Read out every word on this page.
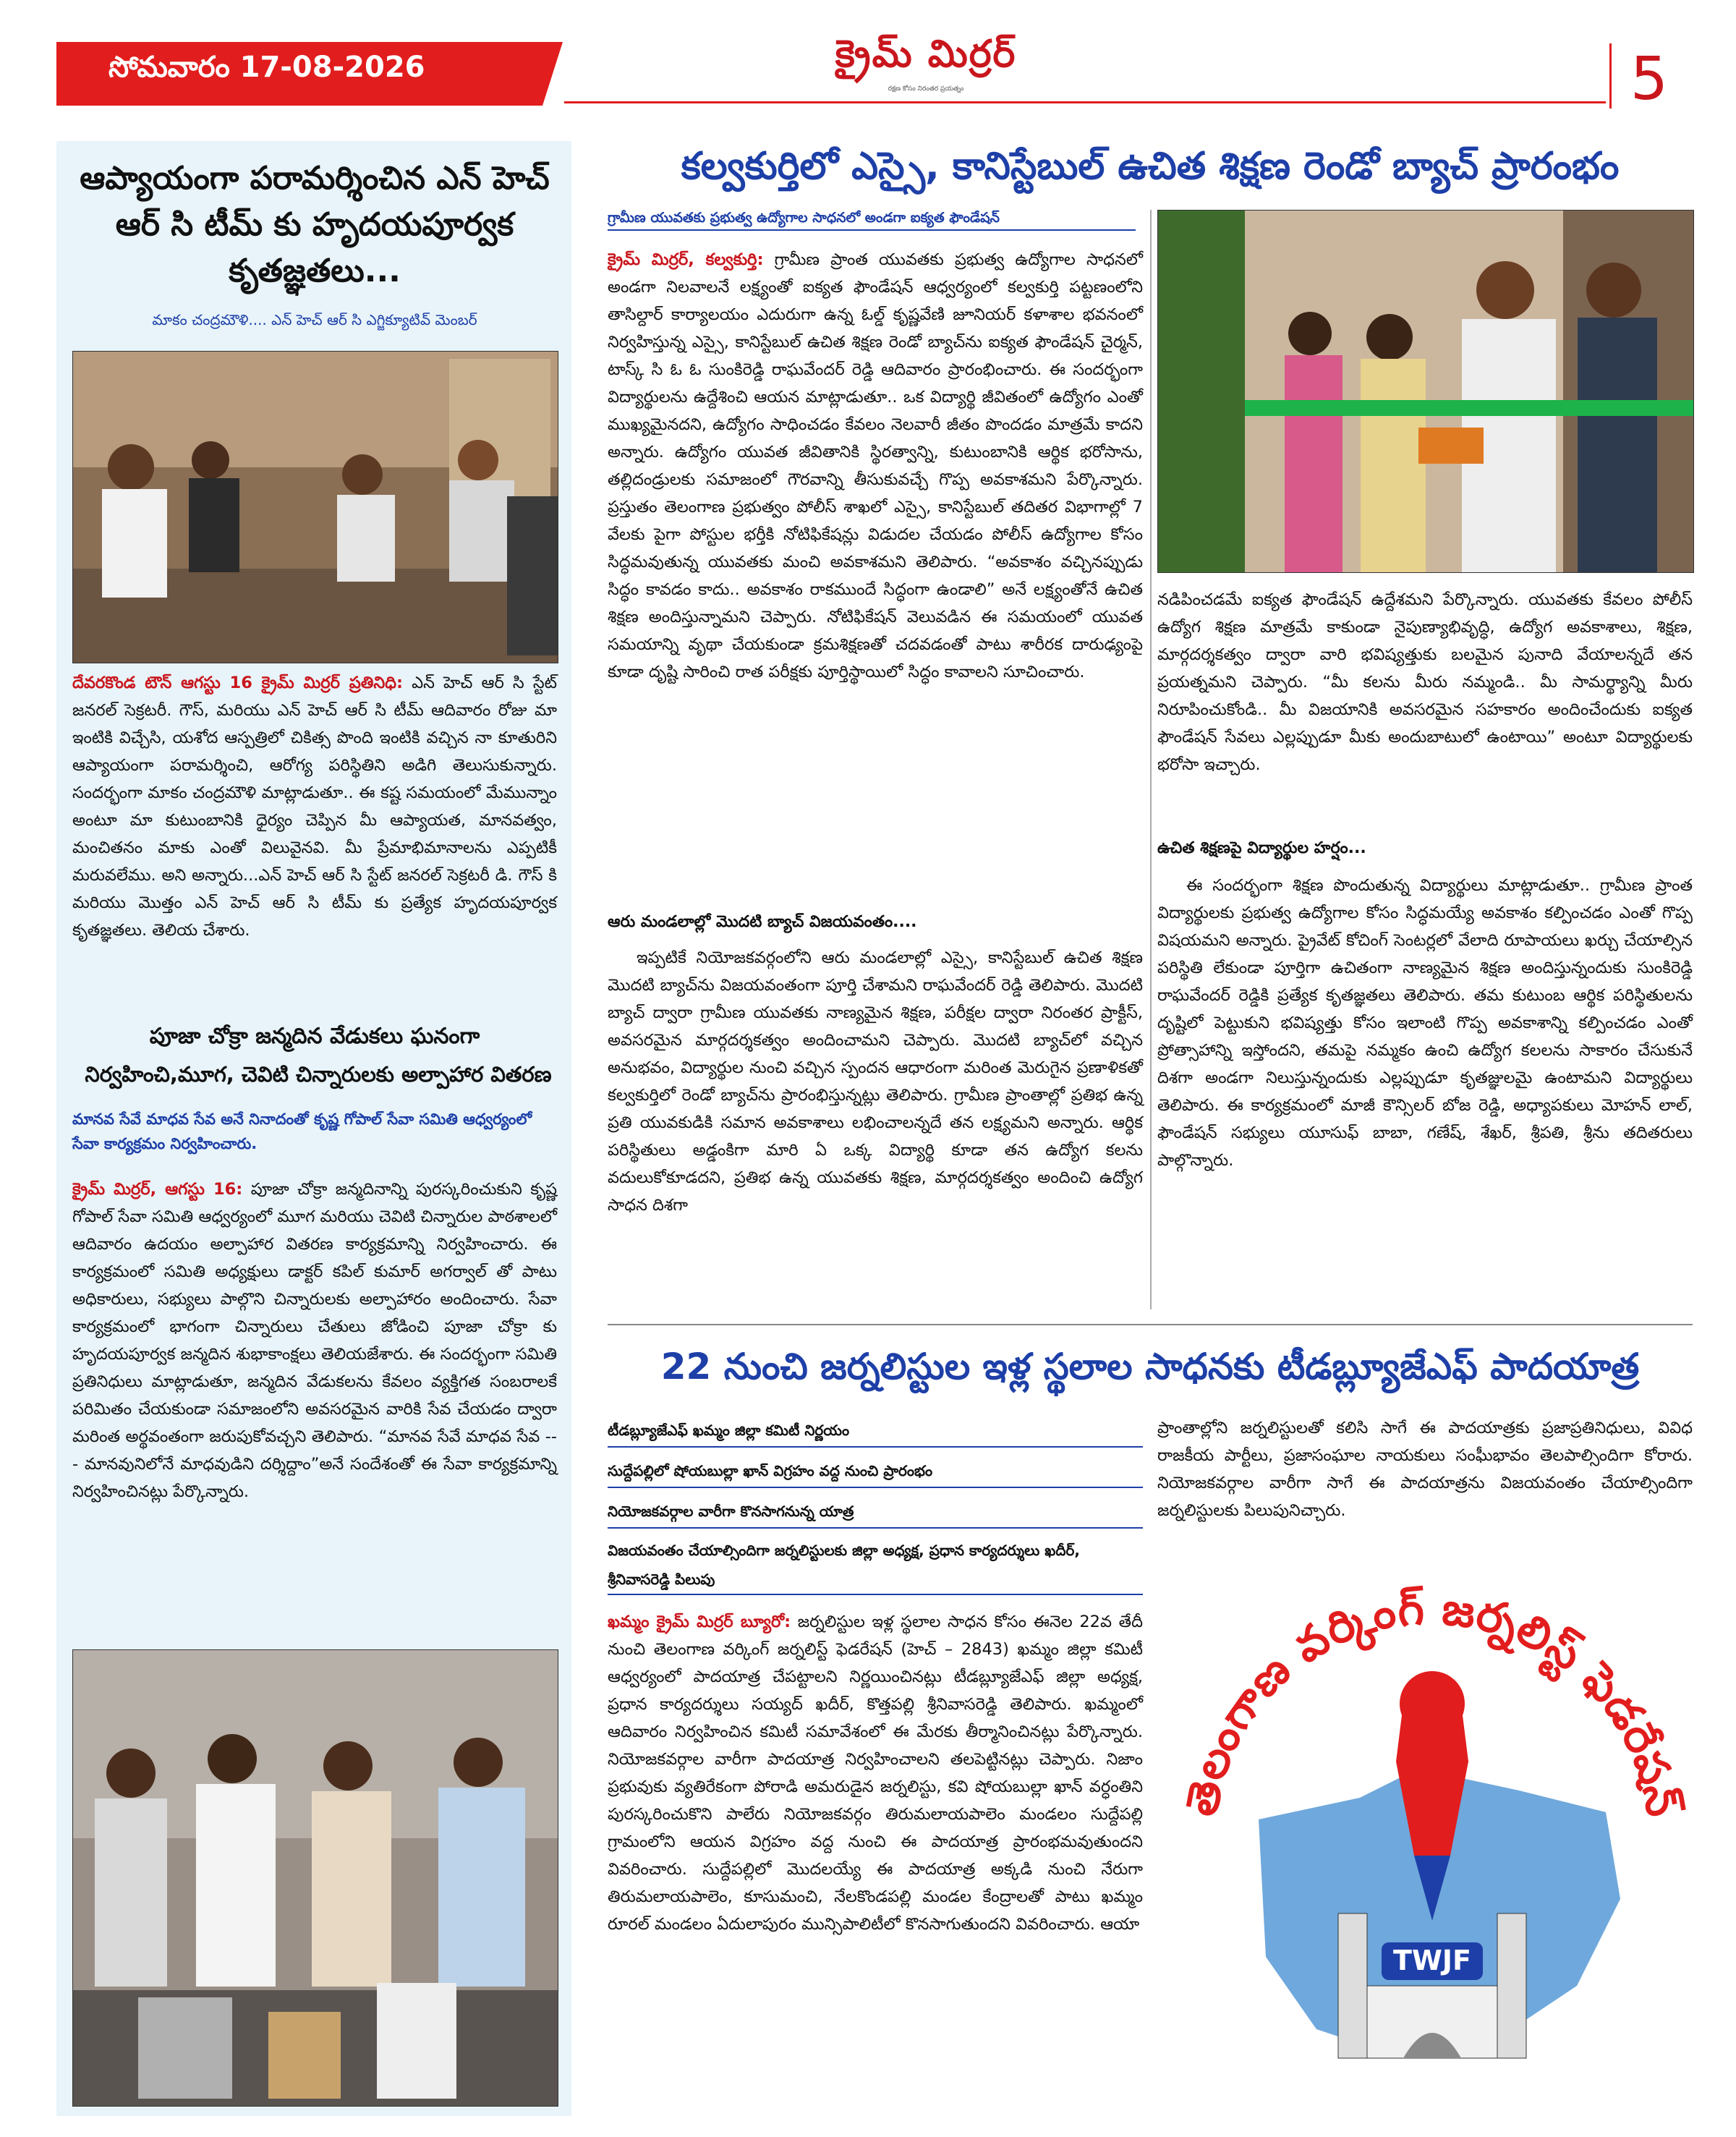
సోమవారం 17-08-2026	క్రైమ్ మిర్రర్
రక్షణ కోసం నిరంతర ప్రయత్నం	5
ఆప్యాయంగా పరామర్శించిన ఎన్ హెచ్ ఆర్ సి టీమ్ కు హృదయపూర్వక కృతజ్ఞతలు...
మాకం చంద్రమౌళి.... ఎన్ హెచ్ ఆర్ సి ఎగ్జిక్యూటివ్ మెంబర్
దేవరకొండ టౌన్ ఆగస్టు 16 క్రైమ్ మిర్రర్ ప్రతినిధి: ఎన్ హెచ్ ఆర్ సి స్టేట్ జనరల్ సెక్రటరీ. గౌస్, మరియు ఎన్ హెచ్ ఆర్ సి టీమ్ ఆదివారం రోజు మా ఇంటికి విచ్చేసి, యశోద ఆస్పత్రిలో చికిత్స పొంది ఇంటికి వచ్చిన నా కూతురిని ఆప్యాయంగా పరామర్శించి, ఆరోగ్య పరిస్థితిని అడిగి తెలుసుకున్నారు. సందర్భంగా మాకం చంద్రమౌళి మాట్లాడుతూ.. ఈ కష్ట సమయంలో మేమున్నాం అంటూ మా కుటుంబానికి ధైర్యం చెప్పిన మీ ఆప్యాయత, మానవత్వం, మంచితనం మాకు ఎంతో విలువైనవి. మీ ప్రేమాభిమానాలను ఎప్పటికీ మరువలేము. అని అన్నారు...ఎన్ హెచ్ ఆర్ సి స్టేట్ జనరల్ సెక్రటరీ డి. గౌస్ కి మరియు మొత్తం ఎన్ హెచ్ ఆర్ సి టీమ్ కు ప్రత్యేక హృదయపూర్వక కృతజ్ఞతలు. తెలియ చేశారు.
పూజా చోక్రా జన్మదిన వేడుకలు ఘనంగా
నిర్వహించి,మూగ, చెవిటి చిన్నారులకు అల్పాహార వితరణ
మానవ సేవే మాధవ సేవ అనే నినాదంతో కృష్ణ గోపాల్ సేవా సమితి ఆధ్వర్యంలో సేవా కార్యక్రమం నిర్వహించారు.
క్రైమ్ మిర్రర్, ఆగస్టు 16: పూజా చోక్రా జన్మదినాన్ని పురస్కరించుకుని కృష్ణ గోపాల్ సేవా సమితి ఆధ్వర్యంలో మూగ మరియు చెవిటి చిన్నారుల పాఠశాలలో ఆదివారం ఉదయం అల్పాహార వితరణ కార్యక్రమాన్ని నిర్వహించారు. ఈ కార్యక్రమంలో సమితి అధ్యక్షులు డాక్టర్ కపిల్ కుమార్ అగర్వాల్ తో పాటు అధికారులు, సభ్యులు పాల్గొని చిన్నారులకు అల్పాహారం అందించారు. సేవా కార్యక్రమంలో భాగంగా చిన్నారులు చేతులు జోడించి పూజా చోక్రా కు హృదయపూర్వక జన్మదిన శుభాకాంక్షలు తెలియజేశారు. ఈ సందర్భంగా సమితి ప్రతినిధులు మాట్లాడుతూ, జన్మదిన వేడుకలను కేవలం వ్యక్తిగత సంబరాలకే పరిమితం చేయకుండా సమాజంలోని అవసరమైన వారికి సేవ చేయడం ద్వారా మరింత అర్థవంతంగా జరుపుకోవచ్చని తెలిపారు. “మానవ సేవే మాధవ సేవ --- మానవునిలోనే మాధవుడిని దర్శిద్దాం”అనే సందేశంతో ఈ సేవా కార్యక్రమాన్ని నిర్వహించినట్లు పేర్కొన్నారు.
కల్వకుర్తిలో ఎస్సై, కానిస్టేబుల్ ఉచిత శిక్షణ రెండో బ్యాచ్ ప్రారంభం
గ్రామీణ యువతకు ప్రభుత్వ ఉద్యోగాల సాధనలో అండగా ఐక్యత ఫౌండేషన్
క్రైమ్ మిర్రర్, కల్వకుర్తి: గ్రామీణ ప్రాంత యువతకు ప్రభుత్వ ఉద్యోగాల సాధనలో అండగా నిలవాలనే లక్ష్యంతో ఐక్యత ఫౌండేషన్ ఆధ్వర్యంలో కల్వకుర్తి పట్టణంలోని తాసిల్దార్ కార్యాలయం ఎదురుగా ఉన్న ఓల్డ్ కృష్ణవేణి జూనియర్ కళాశాల భవనంలో నిర్వహిస్తున్న ఎస్సై, కానిస్టేబుల్ ఉచిత శిక్షణ రెండో బ్యాచ్‌ను ఐక్యత ఫౌండేషన్ చైర్మన్, టాస్క్ సి ఓ ఓ సుంకిరెడ్డి రాఘవేందర్ రెడ్డి ఆదివారం ప్రారంభించారు. ఈ సందర్భంగా విద్యార్థులను ఉద్దేశించి ఆయన మాట్లాడుతూ.. ఒక విద్యార్థి జీవితంలో ఉద్యోగం ఎంతో ముఖ్యమైనదని, ఉద్యోగం సాధించడం కేవలం నెలవారీ జీతం పొందడం మాత్రమే కాదని అన్నారు. ఉద్యోగం యువత జీవితానికి స్థిరత్వాన్ని, కుటుంబానికి ఆర్థిక భరోసాను, తల్లిదండ్రులకు సమాజంలో గౌరవాన్ని తీసుకువచ్చే గొప్ప అవకాశమని పేర్కొన్నారు. ప్రస్తుతం తెలంగాణ ప్రభుత్వం పోలీస్ శాఖలో ఎస్సై, కానిస్టేబుల్ తదితర విభాగాల్లో 7 వేలకు పైగా పోస్టుల భర్తీకి నోటిఫికేషన్లు విడుదల చేయడం పోలీస్ ఉద్యోగాల కోసం సిద్ధమవుతున్న యువతకు మంచి అవకాశమని తెలిపారు. “అవకాశం వచ్చినప్పుడు సిద్ధం కావడం కాదు.. అవకాశం రాకముందే సిద్ధంగా ఉండాలి” అనే లక్ష్యంతోనే ఉచిత శిక్షణ అందిస్తున్నామని చెప్పారు. నోటిఫికేషన్ వెలువడిన ఈ సమయంలో యువత సమయాన్ని వృథా చేయకుండా క్రమశిక్షణతో చదవడంతో పాటు శారీరక దారుఢ్యంపై కూడా దృష్టి సారించి రాత పరీక్షకు పూర్తిస్థాయిలో సిద్ధం కావాలని సూచించారు.
ఆరు మండలాల్లో మొదటి బ్యాచ్ విజయవంతం....
ఇప్పటికే నియోజకవర్గంలోని ఆరు మండలాల్లో ఎస్సై, కానిస్టేబుల్ ఉచిత శిక్షణ మొదటి బ్యాచ్‌ను విజయవంతంగా పూర్తి చేశామని రాఘవేందర్ రెడ్డి తెలిపారు. మొదటి బ్యాచ్ ద్వారా గ్రామీణ యువతకు నాణ్యమైన శిక్షణ, పరీక్షల ద్వారా నిరంతర ప్రాక్టీస్, అవసరమైన మార్గదర్శకత్వం అందించామని చెప్పారు. మొదటి బ్యాచ్‌లో వచ్చిన అనుభవం, విద్యార్థుల నుంచి వచ్చిన స్పందన ఆధారంగా మరింత మెరుగైన ప్రణాళికతో కల్వకుర్తిలో రెండో బ్యాచ్‌ను ప్రారంభిస్తున్నట్లు తెలిపారు. గ్రామీణ ప్రాంతాల్లో ప్రతిభ ఉన్న ప్రతి యువకుడికి సమాన అవకాశాలు లభించాలన్నదే తన లక్ష్యమని అన్నారు. ఆర్థిక పరిస్థితులు అడ్డంకిగా మారి ఏ ఒక్క విద్యార్థి కూడా తన ఉద్యోగ కలను వదులుకోకూడదని, ప్రతిభ ఉన్న యువతకు శిక్షణ, మార్గదర్శకత్వం అందించి ఉద్యోగ సాధన దిశగా
నడిపించడమే ఐక్యత ఫౌండేషన్ ఉద్దేశమని పేర్కొన్నారు. యువతకు కేవలం పోలీస్ ఉద్యోగ శిక్షణ మాత్రమే కాకుండా నైపుణ్యాభివృద్ధి, ఉద్యోగ అవకాశాలు, శిక్షణ, మార్గదర్శకత్వం ద్వారా వారి భవిష్యత్తుకు బలమైన పునాది వేయాలన్నదే తన ప్రయత్నమని చెప్పారు. “మీ కలను మీరు నమ్మండి.. మీ సామర్థ్యాన్ని మీరు నిరూపించుకోండి.. మీ విజయానికి అవసరమైన సహకారం అందించేందుకు ఐక్యత ఫౌండేషన్ సేవలు ఎల్లప్పుడూ మీకు అందుబాటులో ఉంటాయి” అంటూ విద్యార్థులకు భరోసా ఇచ్చారు.
ఉచిత శిక్షణపై విద్యార్థుల హర్షం...
ఈ సందర్భంగా శిక్షణ పొందుతున్న విద్యార్థులు మాట్లాడుతూ.. గ్రామీణ ప్రాంత విద్యార్థులకు ప్రభుత్వ ఉద్యోగాల కోసం సిద్ధమయ్యే అవకాశం కల్పించడం ఎంతో గొప్ప విషయమని అన్నారు. ప్రైవేట్ కోచింగ్ సెంటర్లలో వేలాది రూపాయలు ఖర్చు చేయాల్సిన పరిస్థితి లేకుండా పూర్తిగా ఉచితంగా నాణ్యమైన శిక్షణ అందిస్తున్నందుకు సుంకిరెడ్డి రాఘవేందర్ రెడ్డికి ప్రత్యేక కృతజ్ఞతలు తెలిపారు. తమ కుటుంబ ఆర్థిక పరిస్థితులను దృష్టిలో పెట్టుకుని భవిష్యత్తు కోసం ఇలాంటి గొప్ప అవకాశాన్ని కల్పించడం ఎంతో ప్రోత్సాహాన్ని ఇస్తోందని, తమపై నమ్మకం ఉంచి ఉద్యోగ కలలను సాకారం చేసుకునే దిశగా అండగా నిలుస్తున్నందుకు ఎల్లప్పుడూ కృతజ్ఞులమై ఉంటామని విద్యార్థులు తెలిపారు. ఈ కార్యక్రమంలో మాజీ కౌన్సిలర్ బోజ రెడ్డి, అధ్యాపకులు మోహన్ లాల్, ఫౌండేషన్ సభ్యులు యూసుఫ్ బాబా, గణేష్, శేఖర్, శ్రీపతి, శ్రీను తదితరులు పాల్గొన్నారు.
22 నుంచి జర్నలిస్టుల ఇళ్ల స్థలాల సాధనకు టీడబ్ల్యూజేఎఫ్ పాదయాత్ర
టీడబ్ల్యూజేఎఫ్ ఖమ్మం జిల్లా కమిటీ నిర్ణయం
సుద్దేపల్లిలో షోయబుల్లా ఖాన్ విగ్రహం వద్ద నుంచి ప్రారంభం
నియోజకవర్గాల వారీగా కొనసాగనున్న యాత్ర
విజయవంతం చేయాల్సిందిగా జర్నలిస్టులకు జిల్లా అధ్యక్ష, ప్రధాన కార్యదర్శులు ఖదీర్, శ్రీనివాసరెడ్డి పిలుపు
ఖమ్మం క్రైమ్ మిర్రర్ బ్యూరో: జర్నలిస్టుల ఇళ్ల స్థలాల సాధన కోసం ఈనెల 22వ తేదీ నుంచి తెలంగాణ వర్కింగ్ జర్నలిస్ట్ ఫెడరేషన్ (హెచ్ – 2843) ఖమ్మం జిల్లా కమిటీ ఆధ్వర్యంలో పాదయాత్ర చేపట్టాలని నిర్ణయించినట్లు టీడబ్ల్యూజేఎఫ్ జిల్లా అధ్యక్ష, ప్రధాన కార్యదర్శులు సయ్యద్ ఖదీర్, కొత్తపల్లి శ్రీనివాసరెడ్డి తెలిపారు. ఖమ్మంలో ఆదివారం నిర్వహించిన కమిటీ సమావేశంలో ఈ మేరకు తీర్మానించినట్లు పేర్కొన్నారు. నియోజకవర్గాల వారీగా పాదయాత్ర నిర్వహించాలని తలపెట్టినట్లు చెప్పారు. నిజాం ప్రభువుకు వ్యతిరేకంగా పోరాడి అమరుడైన జర్నలిస్టు, కవి షోయబుల్లా ఖాన్ వర్ధంతిని పురస్కరించుకొని పాలేరు నియోజకవర్గం తిరుమలాయపాలెం మండలం సుద్దేపల్లి గ్రామంలోని ఆయన విగ్రహం వద్ద నుంచి ఈ పాదయాత్ర ప్రారంభమవుతుందని వివరించారు. సుద్దేపల్లిలో మొదలయ్యే ఈ పాదయాత్ర అక్కడి నుంచి నేరుగా తిరుమలాయపాలెం, కూసుమంచి, నేలకొండపల్లి మండల కేంద్రాలతో పాటు ఖమ్మం రూరల్ మండలం ఏదులాపురం మున్సిపాలిటీలో కొనసాగుతుందని వివరించారు. ఆయా
ప్రాంతాల్లోని జర్నలిస్టులతో కలిసి సాగే ఈ పాదయాత్రకు ప్రజాప్రతినిధులు, వివిధ రాజకీయ పార్టీలు, ప్రజాసంఘాల నాయకులు సంఘీభావం తెలపాల్సిందిగా కోరారు. నియోజకవర్గాల వారీగా సాగే ఈ పాదయాత్రను విజయవంతం చేయాల్సిందిగా జర్నలిస్టులకు పిలుపునిచ్చారు.
తెలంగాణ వర్కింగ్ జర్నలిస్ట్ ఫెడరేషన్
TWJF
